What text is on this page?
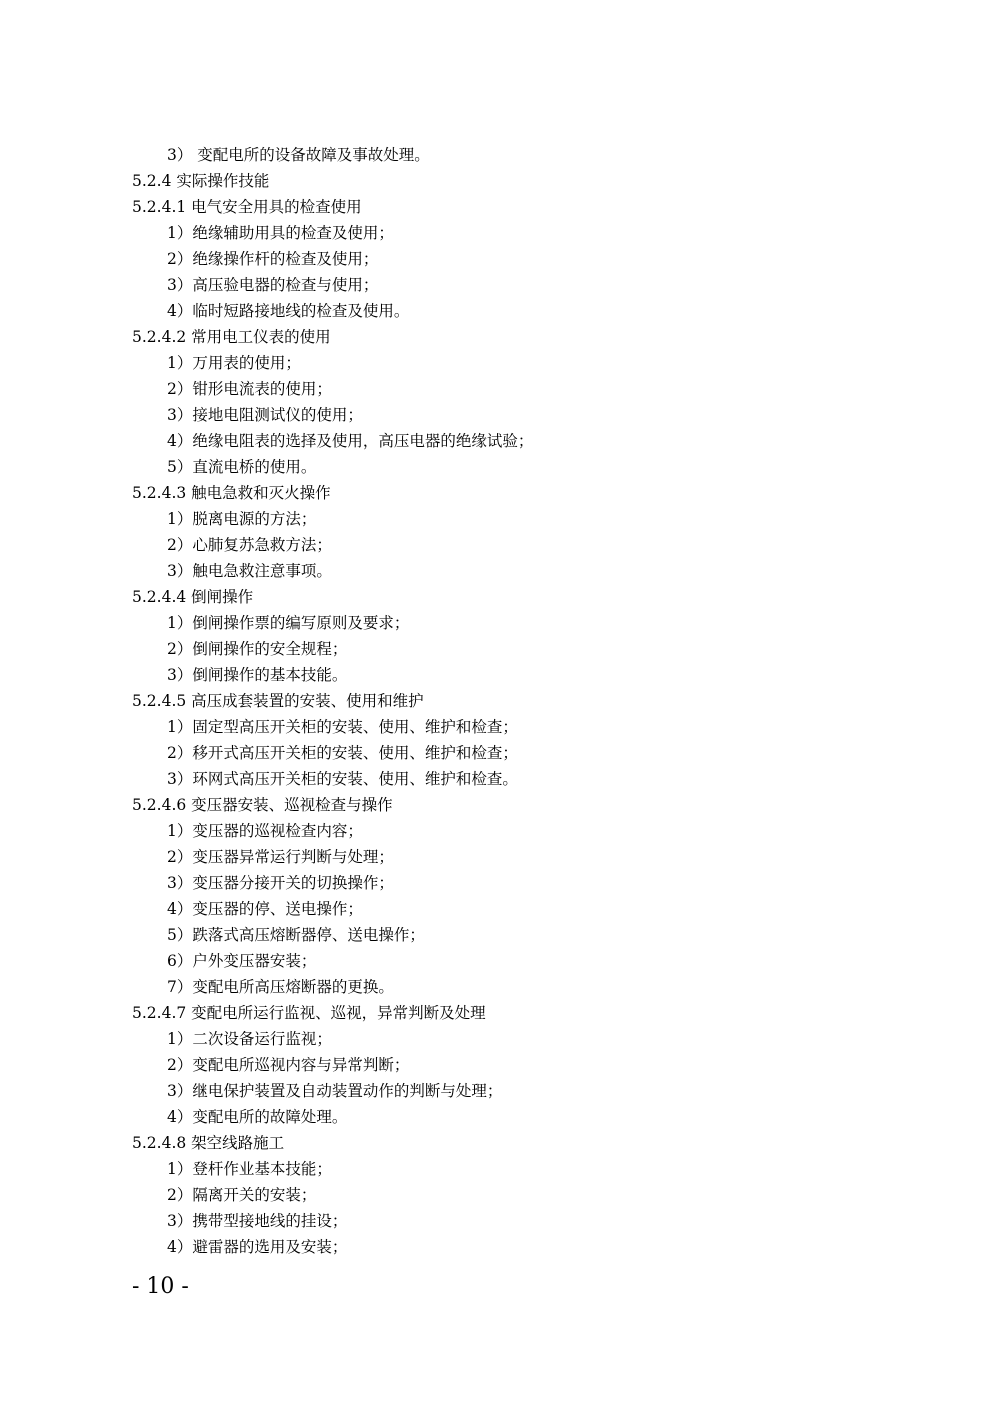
3） 变配电所的设备故障及事故处理。
5.2.4 实际操作技能
5.2.4.1 电气安全用具的检查使用
1）绝缘辅助用具的检查及使用；
2）绝缘操作杆的检查及使用；
3）高压验电器的检查与使用；
4）临时短路接地线的检查及使用。
5.2.4.2 常用电工仪表的使用
1）万用表的使用；
2）钳形电流表的使用；
3）接地电阻测试仪的使用；
4）绝缘电阻表的选择及使用，高压电器的绝缘试验；
5）直流电桥的使用。
5.2.4.3 触电急救和灭火操作
1）脱离电源的方法；
2）心肺复苏急救方法；
3）触电急救注意事项。
5.2.4.4 倒闸操作
1）倒闸操作票的编写原则及要求；
2）倒闸操作的安全规程；
3）倒闸操作的基本技能。
5.2.4.5 高压成套装置的安装、使用和维护
1）固定型高压开关柜的安装、使用、维护和检查；
2）移开式高压开关柜的安装、使用、维护和检查；
3）环网式高压开关柜的安装、使用、维护和检查。
5.2.4.6 变压器安装、巡视检查与操作
1）变压器的巡视检查内容；
2）变压器异常运行判断与处理；
3）变压器分接开关的切换操作；
4）变压器的停、送电操作；
5）跌落式高压熔断器停、送电操作；
6）户外变压器安装；
7）变配电所高压熔断器的更换。
5.2.4.7 变配电所运行监视、巡视，异常判断及处理
1）二次设备运行监视；
2）变配电所巡视内容与异常判断；
3）继电保护装置及自动装置动作的判断与处理；
4）变配电所的故障处理。
5.2.4.8 架空线路施工
1）登杆作业基本技能；
2）隔离开关的安装；
3）携带型接地线的挂设；
4）避雷器的选用及安装；
- 10 -
